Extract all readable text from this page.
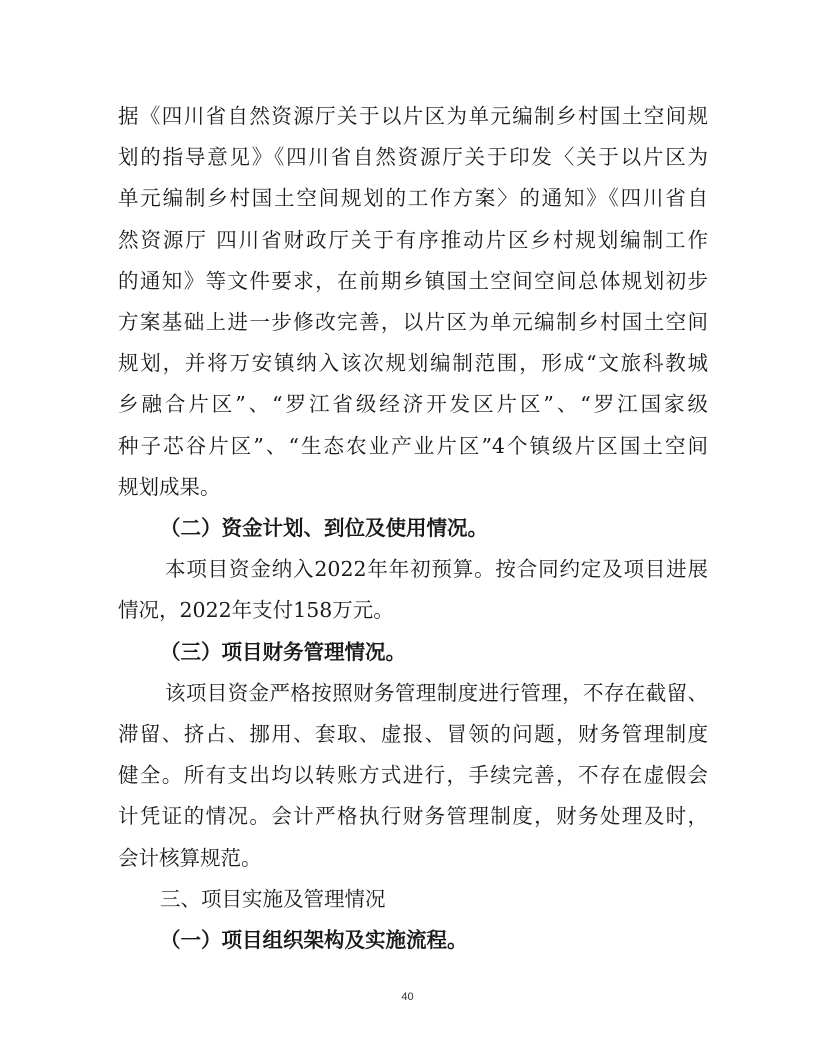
据《四川省自然资源厅关于以片区为单元编制乡村国土空间规
划的指导意见》《四川省自然资源厅关于印发〈关于以片区为
单元编制乡村国土空间规划的工作方案〉的通知》《四川省自
然资源厅 四川省财政厅关于有序推动片区乡村规划编制工作
的通知》等文件要求，在前期乡镇国土空间空间总体规划初步
方案基础上进一步修改完善，以片区为单元编制乡村国土空间
规划，并将万安镇纳入该次规划编制范围，形成“文旅科教城
乡融合片区”、“罗江省级经济开发区片区”、“罗江国家级
种子芯谷片区”、“生态农业产业片区”4个镇级片区国土空间
规划成果。
（二）资金计划、到位及使用情况。
本项目资金纳入2022年年初预算。按合同约定及项目进展
情况，2022年支付158万元。
（三）项目财务管理情况。
该项目资金严格按照财务管理制度进行管理，不存在截留、
滞留、挤占、挪用、套取、虚报、冒领的问题，财务管理制度
健全。所有支出均以转账方式进行，手续完善，不存在虚假会
计凭证的情况。会计严格执行财务管理制度，财务处理及时，
会计核算规范。
三、项目实施及管理情况
（一）项目组织架构及实施流程。
40
